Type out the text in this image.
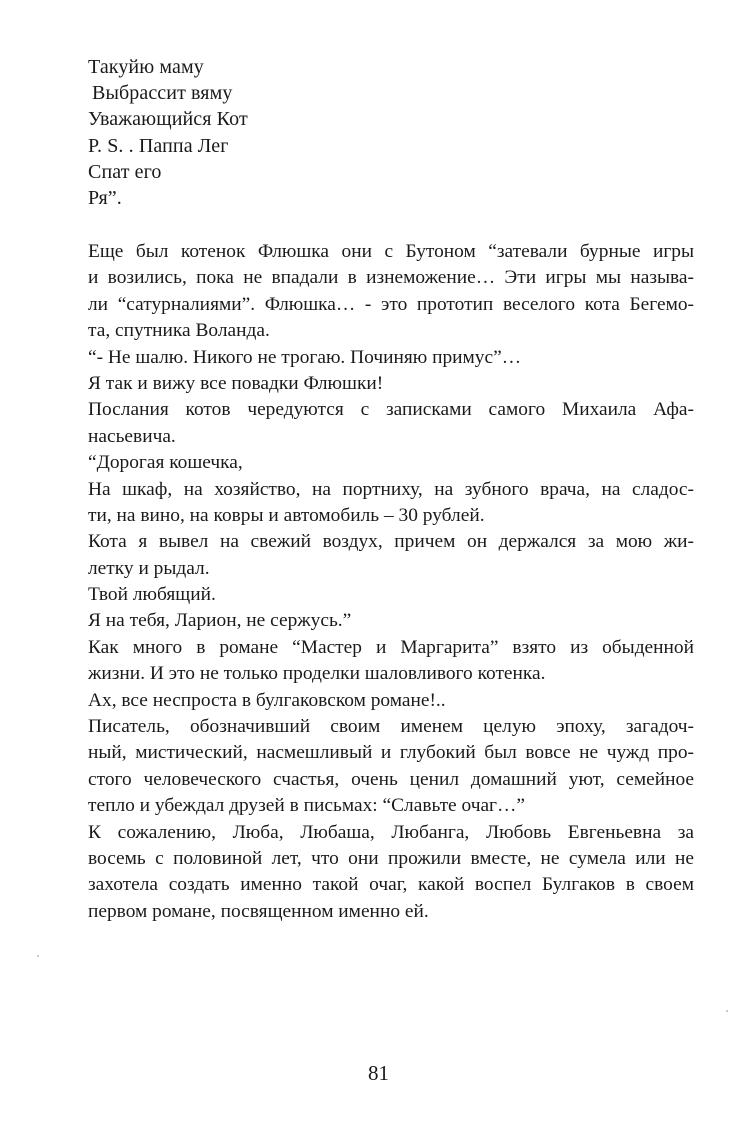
Такуйю маму
Выбрассит вяму
Уважающийся Кот
P. S. . Паппа Лег
Спат его
Ря”.

Еще был котенок Флюшка они с Бутоном “затевали бурные игры
и возились, пока не впадали в изнеможение… Эти игры мы называ-
ли “сатурналиями”. Флюшка… - это прототип веселого кота Бегемо-
та, спутника Воланда.

“- Не шалю. Никого не трогаю. Починяю примус”…

Я так и вижу все повадки Флюшки!

Послания котов чередуются с записками самого Михаила Афа-
насьевича.

“Дорогая кошечка,

На шкаф, на хозяйство, на портниху, на зубного врача, на сладос-
ти, на вино, на ковры и автомобиль – 30 рублей.

Кота я вывел на свежий воздух, причем он держался за мою жи-
летку и рыдал.

Твой любящий.

Я на тебя, Ларион, не сержусь.”

Как много в романе “Мастер и Маргарита” взято из обыденной
жизни. И это не только проделки шаловливого котенка.

Ах, все неспроста в булгаковском романе!..

Писатель, обозначивший своим именем целую эпоху, загадоч-
ный, мистический, насмешливый и глубокий был вовсе не чужд про-
стого человеческого счастья, очень ценил домашний уют, семейное
тепло и убеждал друзей в письмах: “Славьте очаг…”

К сожалению, Люба, Любаша, Любанга, Любовь Евгеньевна за
восемь с половиной лет, что они прожили вместе, не сумела или не
захотела создать именно такой очаг, какой воспел Булгаков в своем
первом романе, посвященном именно ей.

81
